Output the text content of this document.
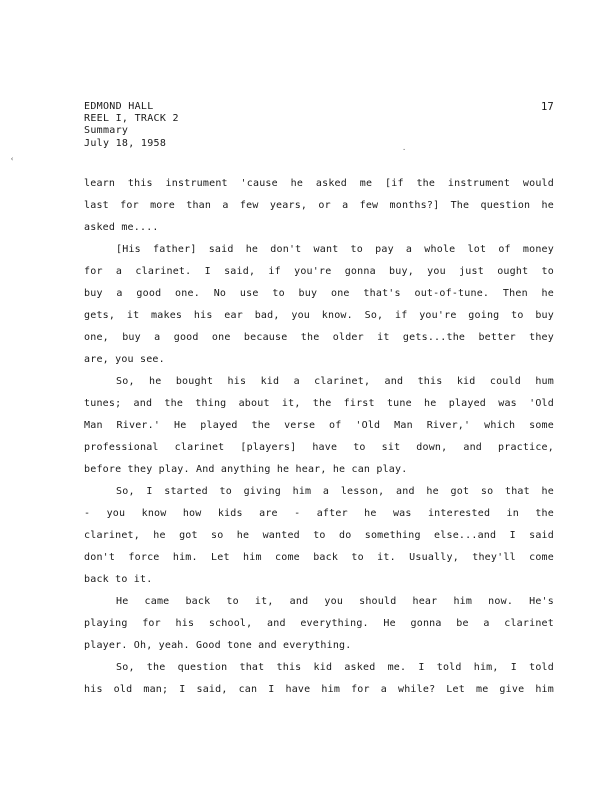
‹
·
EDMOND HALL
REEL I, TRACK 2
Summary
July 18, 1958
17
learn this instrument 'cause he asked me [if the instrument would
last for more than a few years, or a few months?] The question he
asked me....
[His father] said he don't want to pay a whole lot of money
for a clarinet. I said, if you're gonna buy, you just ought to
buy a good one. No use to buy one that's out-of-tune. Then he
gets, it makes his ear bad, you know. So, if you're going to buy
one, buy a good one because the older it gets...the better they
are, you see.
So, he bought his kid a clarinet, and this kid could hum
tunes; and the thing about it, the first tune he played was 'Old
Man River.' He played the verse of 'Old Man River,' which some
professional clarinet [players] have to sit down, and practice,
before they play. And anything he hear, he can play.
So, I started to giving him a lesson, and he got so that he
- you know how kids are - after he was interested in the
clarinet, he got so he wanted to do something else...and I said
don't force him. Let him come back to it. Usually, they'll come
back to it.
He came back to it, and you should hear him now. He's
playing for his school, and everything. He gonna be a clarinet
player. Oh, yeah. Good tone and everything.
So, the question that this kid asked me. I told him, I told
his old man; I said, can I have him for a while? Let me give him
